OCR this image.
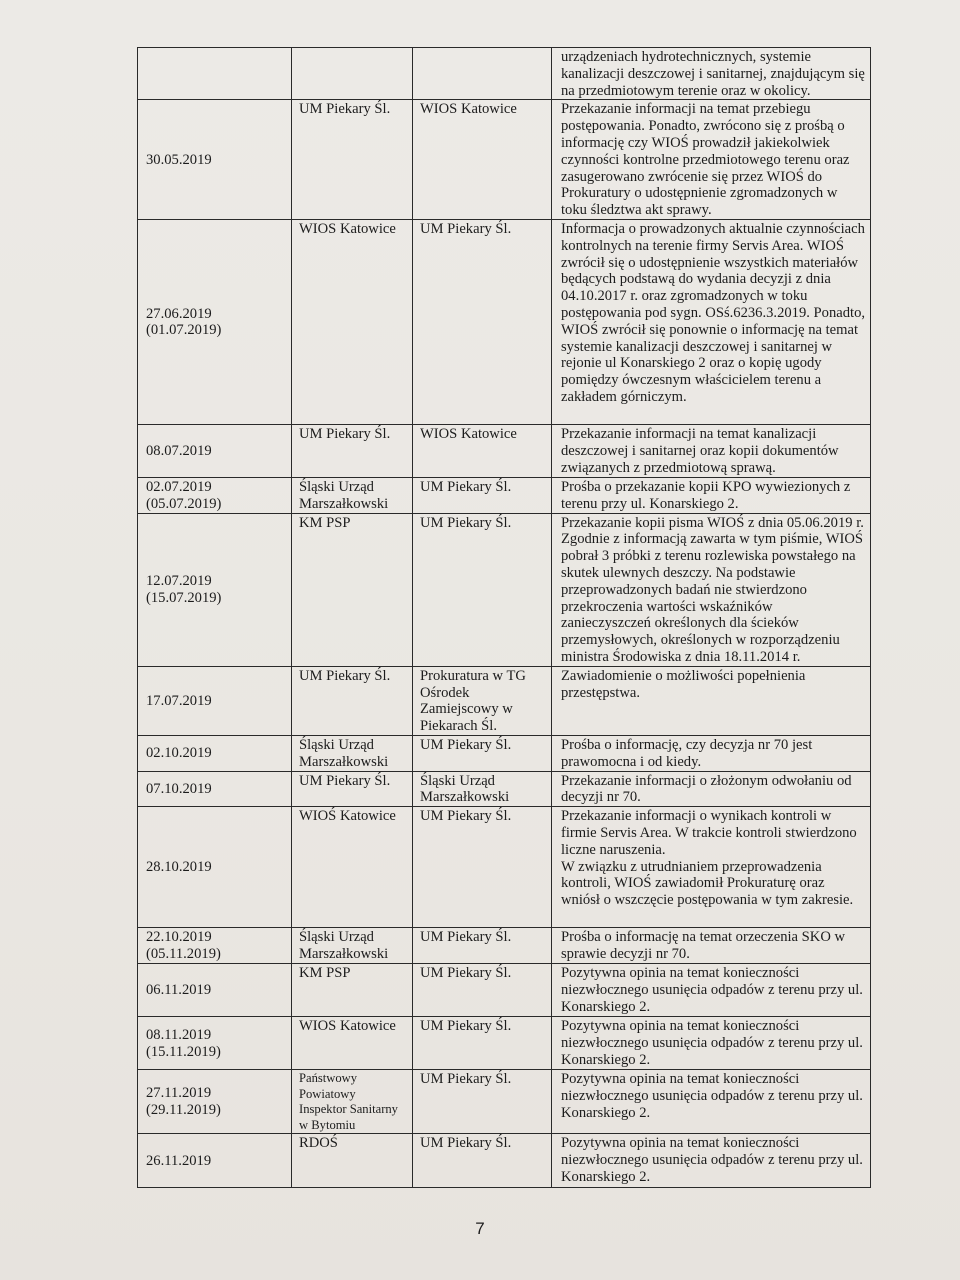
			urządzeniach hydrotechnicznych, systemie kanalizacji deszczowej i sanitarnej, znajdującym się na przedmiotowym terenie oraz w okolicy.

30.05.2019	UM Piekary Śl.	WIOS Katowice	Przekazanie informacji na temat przebiegu postępowania. Ponadto, zwrócono się z prośbą o informację czy WIOŚ prowadził jakiekolwiek czynności kontrolne przedmiotowego terenu oraz zasugerowano zwrócenie się przez WIOŚ do Prokuratury o udostępnienie zgromadzonych w toku śledztwa akt sprawy.

27.06.2019
(01.07.2019)	WIOS Katowice	UM Piekary Śl.	Informacja o prowadzonych aktualnie czynnościach kontrolnych na terenie firmy Servis Area. WIOŚ zwrócił się o udostępnienie wszystkich materiałów będących podstawą do wydania decyzji z dnia 04.10.2017 r. oraz zgromadzonych w toku postępowania pod sygn. OSś.6236.3.2019. Ponadto, WIOŚ zwrócił się ponownie o informację na temat systemie kanalizacji deszczowej i sanitarnej w rejonie ul Konarskiego 2 oraz o kopię ugody pomiędzy ówczesnym właścicielem terenu a zakładem górniczym.

08.07.2019	UM Piekary Śl.	WIOS Katowice	Przekazanie informacji na temat kanalizacji deszczowej i sanitarnej oraz kopii dokumentów związanych z przedmiotową sprawą.

02.07.2019
(05.07.2019)	Śląski Urząd Marszałkowski	UM Piekary Śl.	Prośba o przekazanie kopii KPO wywiezionych z terenu przy ul. Konarskiego 2.

12.07.2019
(15.07.2019)	KM PSP	UM Piekary Śl.	Przekazanie kopii pisma WIOŚ z dnia 05.06.2019 r. Zgodnie z informacją zawarta w tym piśmie, WIOŚ pobrał 3 próbki z terenu rozlewiska powstałego na skutek ulewnych deszczy. Na podstawie przeprowadzonych badań nie stwierdzono przekroczenia wartości wskaźników zanieczyszczeń określonych dla ścieków przemysłowych, określonych w rozporządzeniu ministra Środowiska z dnia 18.11.2014 r.

17.07.2019	UM Piekary Śl.	Prokuratura w TG Ośrodek Zamiejscowy w Piekarach Śl.	Zawiadomienie o możliwości popełnienia przestępstwa.

02.10.2019	Śląski Urząd Marszałkowski	UM Piekary Śl.	Prośba o informację, czy decyzja nr 70 jest prawomocna i od kiedy.

07.10.2019	UM Piekary Śl.	Śląski Urząd Marszałkowski	Przekazanie informacji o złożonym odwołaniu od decyzji nr 70.

28.10.2019	WIOŚ Katowice	UM Piekary Śl.	Przekazanie informacji o wynikach kontroli w firmie Servis Area. W trakcie kontroli stwierdzono liczne naruszenia.
W związku z utrudnianiem przeprowadzenia kontroli, WIOŚ zawiadomił Prokuraturę oraz wniósł o wszczęcie postępowania w tym zakresie.

22.10.2019
(05.11.2019)	Śląski Urząd Marszałkowski	UM Piekary Śl.	Prośba o informację na temat orzeczenia SKO w sprawie decyzji nr 70.

06.11.2019	KM PSP	UM Piekary Śl.	Pozytywna opinia na temat konieczności niezwłocznego usunięcia odpadów z terenu przy ul. Konarskiego 2.

08.11.2019
(15.11.2019)	WIOS Katowice	UM Piekary Śl.	Pozytywna opinia na temat konieczności niezwłocznego usunięcia odpadów z terenu przy ul. Konarskiego 2.

27.11.2019
(29.11.2019)	Państwowy Powiatowy Inspektor Sanitarny w Bytomiu	UM Piekary Śl.	Pozytywna opinia na temat konieczności niezwłocznego usunięcia odpadów z terenu przy ul. Konarskiego 2.

26.11.2019	RDOŚ	UM Piekary Śl.	Pozytywna opinia na temat konieczności niezwłocznego usunięcia odpadów z terenu przy ul. Konarskiego 2.
7
